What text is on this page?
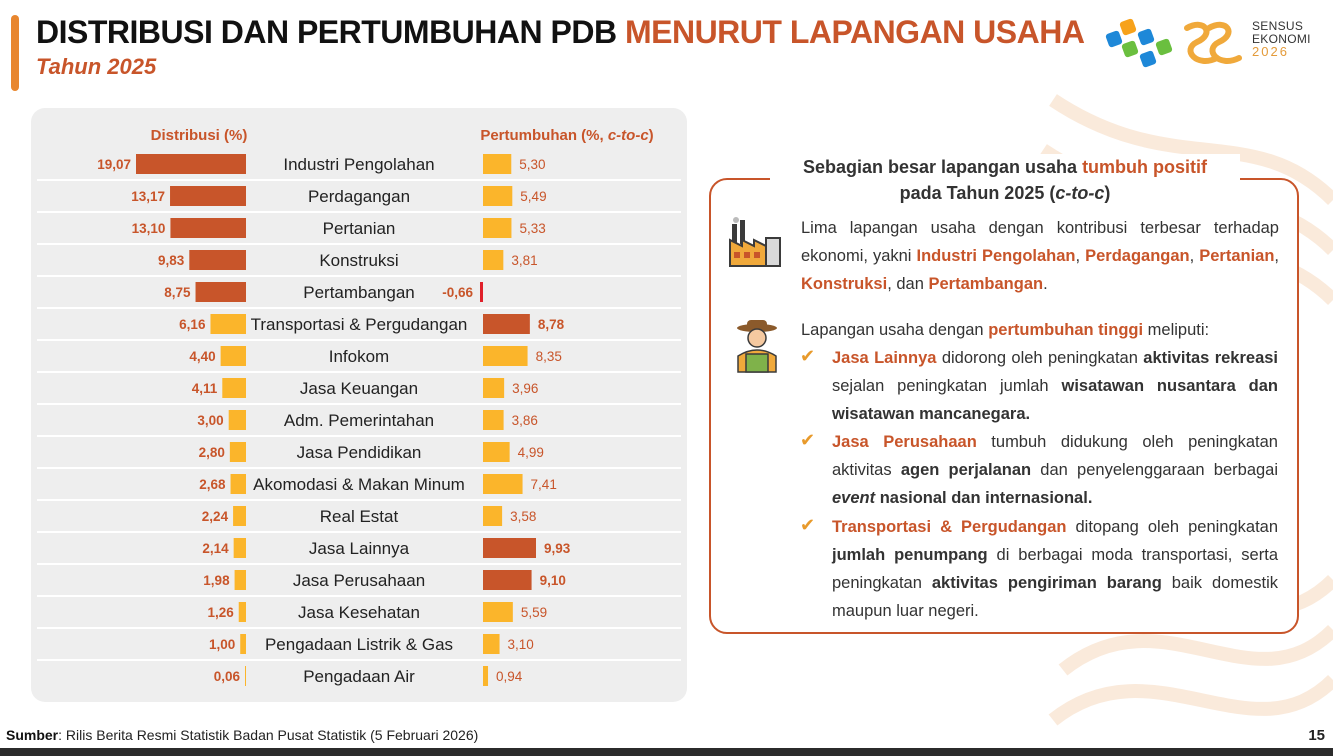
DISTRIBUSI DAN PERTUMBUHAN PDB MENURUT LAPANGAN USAHA
Tahun 2025
SENSUS
EKONOMI
2026
Distribusi (%)	Pertumbuhan (%, c-to-c)
19,07	Industri Pengolahan	5,30
13,17	Perdagangan	5,49
13,10	Pertanian	5,33
9,83	Konstruksi	3,81
8,75	Pertambangan -0,66
6,16	Transportasi & Pergudangan	8,78
4,40	Infokom	8,35
4,11	Jasa Keuangan	3,96
3,00	Adm. Pemerintahan	3,86
2,80	Jasa Pendidikan	4,99
2,68 Akomodasi & Makan Minum	7,41
2,24	Real Estat	3,58
2,14	Jasa Lainnya	9,93
1,98	Jasa Perusahaan	9,10
1,26	Jasa Kesehatan	5,59
1,00 Pengadaan Listrik & Gas	3,10
0,06	Pengadaan Air	0,94
Sebagian besar lapangan usaha tumbuh positif
pada Tahun 2025 (c-to-c)
Lima lapangan usaha dengan kontribusi terbesar terhadap ekonomi, yakni Industri Pengolahan, Perdagangan, Pertanian, Konstruksi, dan Pertambangan.
Lapangan usaha dengan pertumbuhan tinggi meliputi:
✔ Jasa Lainnya didorong oleh peningkatan aktivitas rekreasi sejalan peningkatan jumlah wisatawan nusantara dan wisatawan mancanegara.
✔ Jasa Perusahaan tumbuh didukung oleh peningkatan aktivitas agen perjalanan dan penyelenggaraan berbagai event nasional dan internasional.
✔ Transportasi & Pergudangan ditopang oleh peningkatan jumlah penumpang di berbagai moda transportasi, serta peningkatan aktivitas pengiriman barang baik domestik maupun luar negeri.
Sumber: Rilis Berita Resmi Statistik Badan Pusat Statistik (5 Februari 2026)	15
